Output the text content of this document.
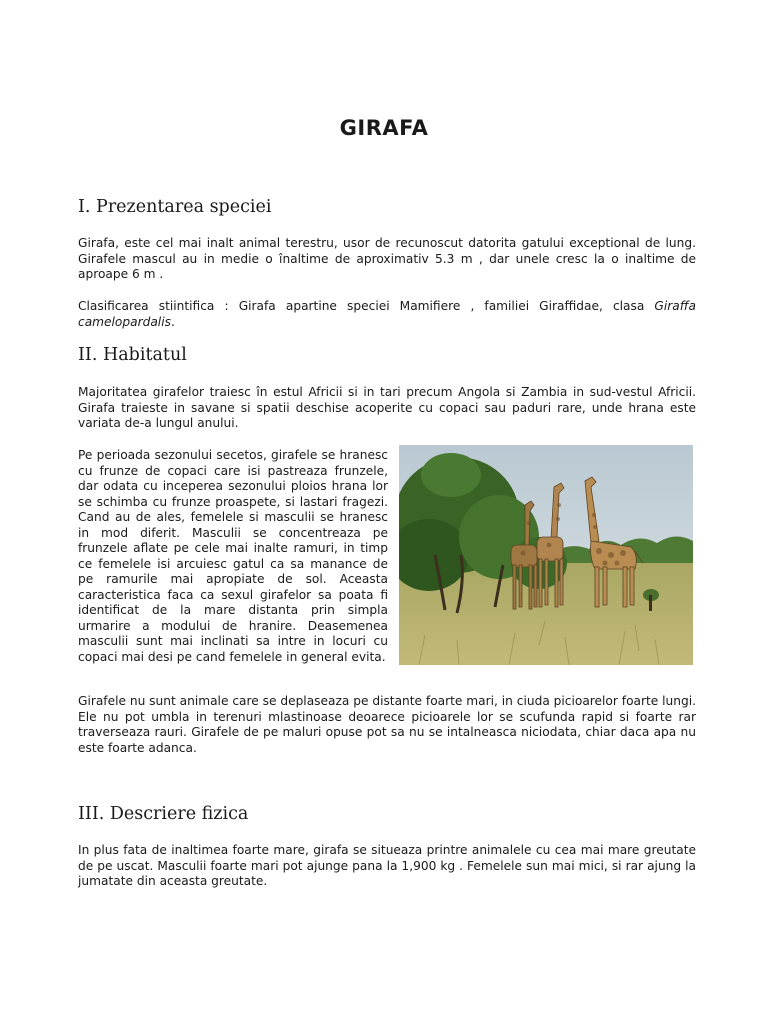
GIRAFA
I. Prezentarea speciei

Girafa, este cel mai inalt animal terestru, usor de recunoscut datorita gatului exceptional de lung. Girafele mascul au in medie o înaltime de aproximativ 5.3 m , dar unele cresc la o inaltime de aproape 6 m .

Clasificarea stiintifica : Girafa apartine speciei Mamifiere , familiei Giraffidae, clasa Giraffa camelopardalis.

II. Habitatul

Majoritatea girafelor traiesc în estul Africii si in tari precum Angola si Zambia in sud-vestul Africii. Girafa traieste in savane si spatii deschise acoperite cu copaci sau paduri rare, unde hrana este variata de-a lungul anului.

Pe perioada sezonului secetos, girafele se hranesc cu frunze de copaci care isi pastreaza frunzele, dar odata cu inceperea sezonului ploios hrana lor se schimba cu frunze proaspete, si lastari fragezi. Cand au de ales, femelele si masculii se hranesc in mod diferit. Masculii se concentreaza pe frunzele aflate pe cele mai inalte ramuri, in timp ce femelele isi arcuiesc gatul ca sa manance de pe ramurile mai apropiate de sol. Aceasta caracteristica faca ca sexul girafelor sa poata fi identificat de la mare distanta prin simpla urmarire a modului de hranire. Deasemenea masculii sunt mai inclinati sa intre in locuri cu copaci mai desi pe cand femelele in general evita.

Girafele nu sunt animale care se deplaseaza pe distante foarte mari, in ciuda picioarelor foarte lungi. Ele nu pot umbla in terenuri mlastinoase deoarece picioarele lor se scufunda rapid si foarte rar traverseaza rauri. Girafele de pe maluri opuse pot sa nu se intalneasca niciodata, chiar daca apa nu este foarte adanca.

III. Descriere fizica

In plus fata de inaltimea foarte mare, girafa se situeaza printre animalele cu cea mai mare greutate de pe uscat. Masculii foarte mari pot ajunge pana la 1,900 kg . Femelele sun mai mici, si rar ajung la jumatate din aceasta greutate.
